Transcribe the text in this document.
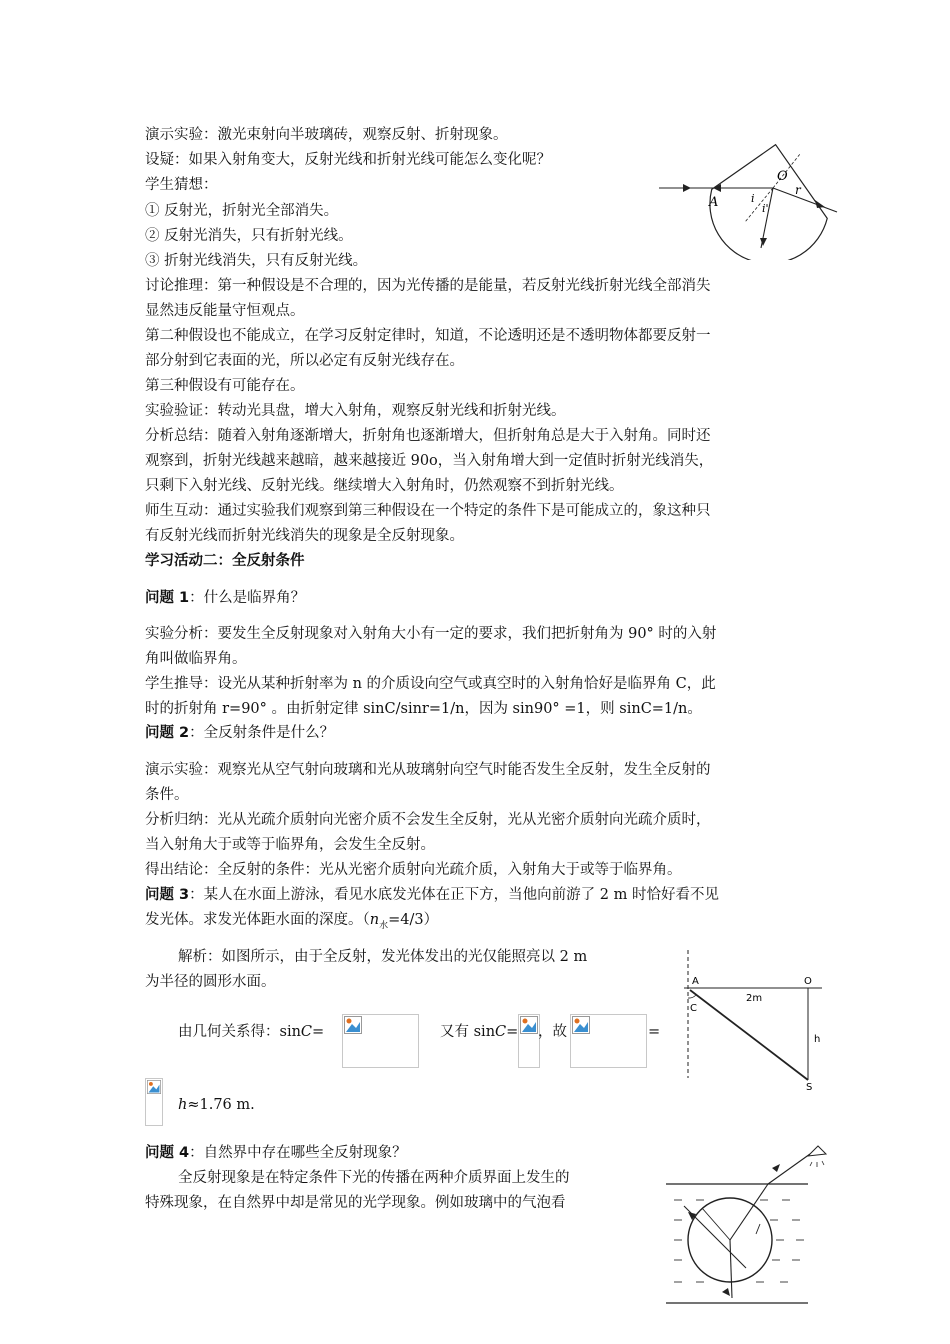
演示实验：激光束射向半玻璃砖，观察反射、折射现象。
设疑：如果入射角变大，反射光线和折射光线可能怎么变化呢？
学生猜想：
① 反射光，折射光全部消失。
② 反射光消失，只有折射光线。
③ 折射光线消失，只有反射光线。
讨论推理：第一种假设是不合理的，因为光传播的是能量，若反射光线折射光线全部消失
显然违反能量守恒观点。
第二种假设也不能成立，在学习反射定律时，知道，不论透明还是不透明物体都要反射一
部分射到它表面的光，所以必定有反射光线存在。
第三种假设有可能存在。
实验验证：转动光具盘，增大入射角，观察反射光线和折射光线。
分析总结：随着入射角逐渐增大，折射角也逐渐增大，但折射角总是大于入射角。同时还
观察到，折射光线越来越暗，越来越接近 90o，当入射角增大到一定值时折射光线消失，
只剩下入射光线、反射光线。继续增大入射角时，仍然观察不到折射光线。
师生互动：通过实验我们观察到第三种假设在一个特定的条件下是可能成立的，象这种只
有反射光线而折射光线消失的现象是全反射现象。
学习活动二：全反射条件
问题 1：什么是临界角？
实验分析：要发生全反射现象对入射角大小有一定的要求，我们把折射角为 90° 时的入射
角叫做临界角。
学生推导：设光从某种折射率为 n 的介质设向空气或真空时的入射角恰好是临界角 C，此
时的折射角 r=90° 。由折射定律 sinC/sinr=1/n，因为 sin90° =1，则 sinC=1/n。
问题 2：全反射条件是什么？
演示实验：观察光从空气射向玻璃和光从玻璃射向空气时能否发生全反射，发生全反射的
条件。
分析归纳：光从光疏介质射向光密介质不会发生全反射，光从光密介质射向光疏介质时，
当入射角大于或等于临界角，会发生全反射。
得出结论：全反射的条件：光从光密介质射向光疏介质，入射角大于或等于临界角。
问题 3：某人在水面上游泳，看见水底发光体在正下方，当他向前游了 2 m 时恰好看不见
发光体。求发光体距水面的深度。$(n_水=4/3)$
解析：如图所示，由于全反射，发光体发出的光仅能照亮以 2 m
为半径的圆形水面。
由几何关系得：sinC=	又有 sinC= ，故	=
h≈1.76 m.
问题 4：自然界中存在哪些全反射现象？
全反射现象是在特定条件下光的传播在两种介质界面上发生的
特殊现象，在自然界中却是常见的光学现象。例如玻璃中的气泡看
O
r
A	i
i'
A	O
C
2m
h
S
